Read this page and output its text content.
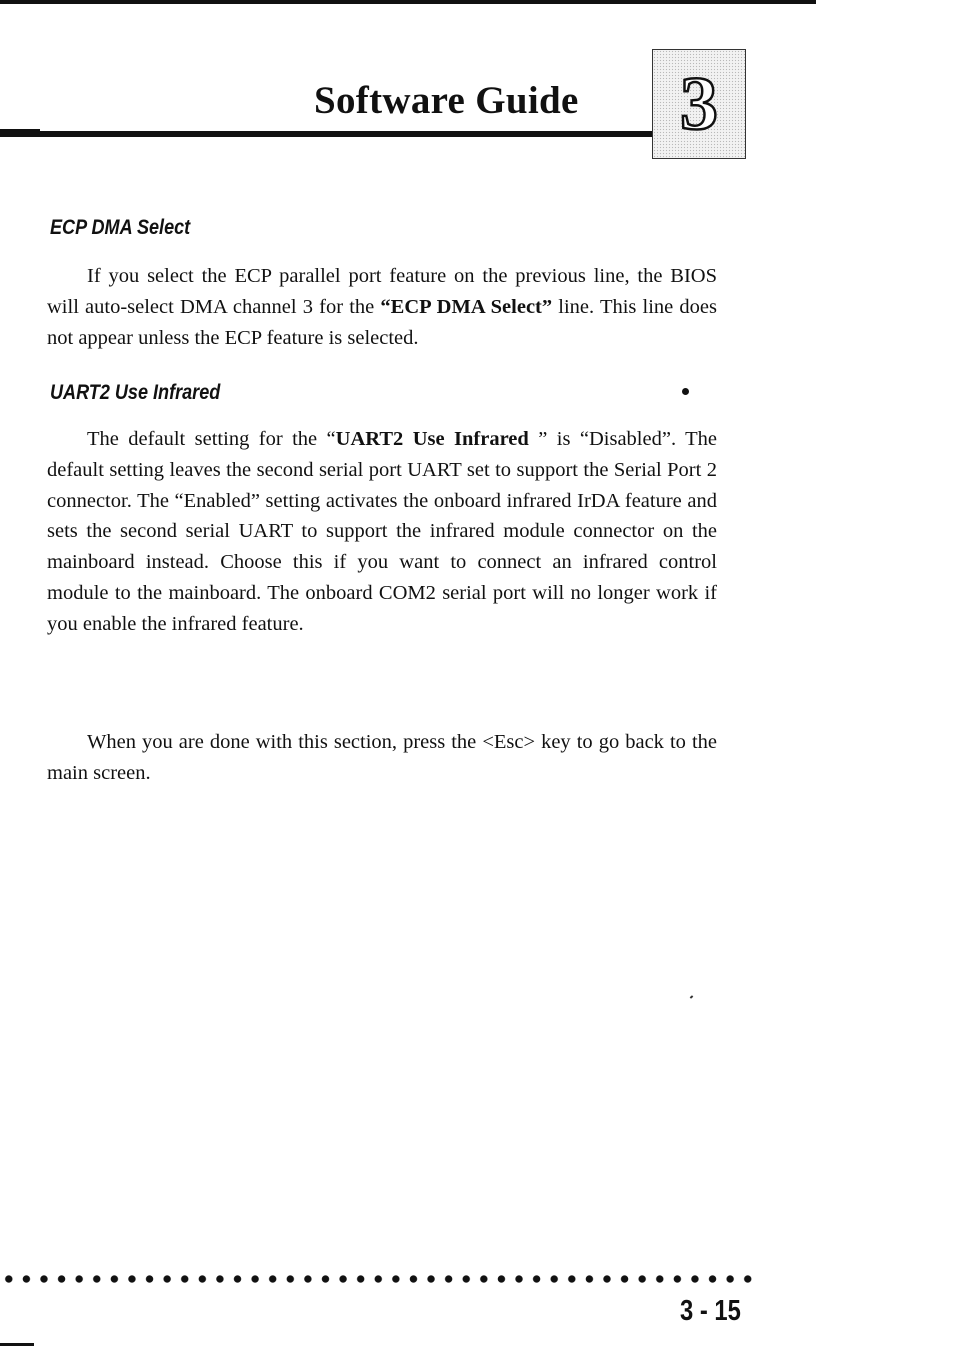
Software Guide	3
ECP DMA Select

If you select the ECP parallel port feature on the previous line, the BIOS will auto-select DMA channel 3 for the “ECP DMA Select” line. This line does not appear unless the ECP feature is selected.

UART2 Use Infrared

The default setting for the “UART2 Use Infrared ” is “Disabled”. The default setting leaves the second serial port UART set to support the Serial Port 2 connector. The “Enabled” setting activates the onboard infrared IrDA feature and sets the second serial UART to support the infrared module connector on the mainboard instead. Choose this if you want to connect an infrared control module to the mainboard. The onboard COM2 serial port will no longer work if you enable the infrared feature.

When you are done with this section, press the <Esc> key to go back to the main screen.

3 - 15
